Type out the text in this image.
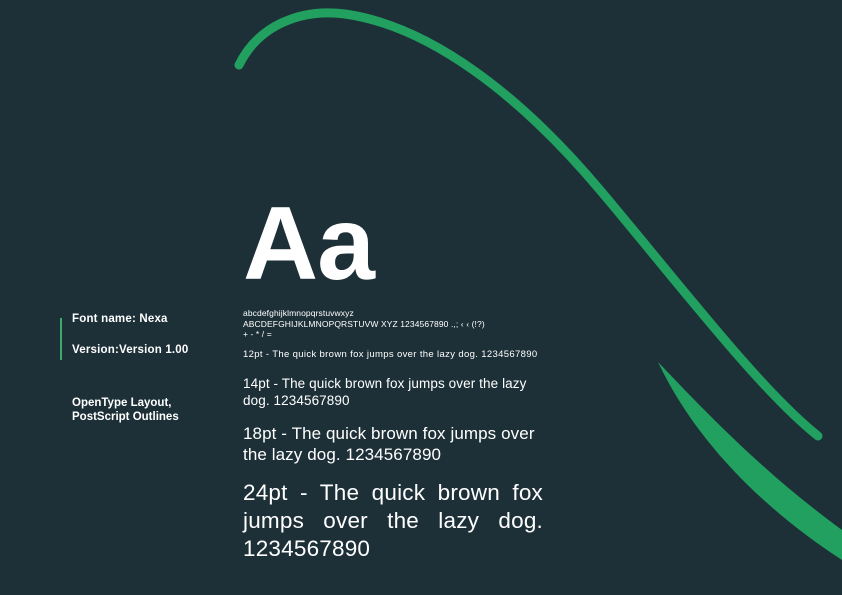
Font name: Nexa

Version:Version 1.00

OpenType Layout,
PostScript Outlines
Aa

abcdefghijklmnopqrstuvwxyz

ABCDEFGHIJKLMNOPQRSTUVW XYZ 1234567890 .,; ‹ ‹ (!?)

+ - * / =

12pt - The quick brown fox jumps over the lazy dog. 1234567890

14pt - The quick brown fox jumps over the lazy dog. 1234567890

18pt - The quick brown fox jumps over the lazy dog. 1234567890

24pt - The quick brown fox jumps over the lazy dog. 1234567890
